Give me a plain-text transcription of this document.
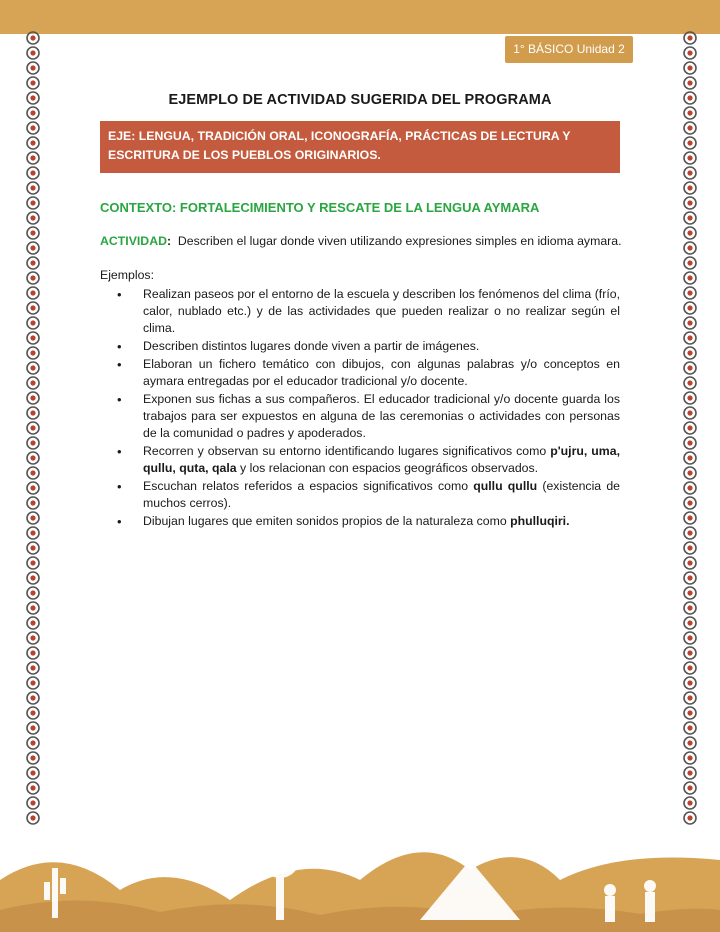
1° BÁSICO Unidad 2
EJEMPLO DE ACTIVIDAD SUGERIDA DEL PROGRAMA
EJE: LENGUA, TRADICIÓN ORAL, ICONOGRAFÍA, PRÁCTICAS DE LECTURA Y ESCRITURA DE LOS PUEBLOS ORIGINARIOS.
CONTEXTO: FORTALECIMIENTO Y RESCATE DE LA LENGUA AYMARA
ACTIVIDAD: Describen el lugar donde viven utilizando expresiones simples en idioma aymara.
Ejemplos:
• Realizan paseos por el entorno de la escuela y describen los fenómenos del clima (frío, calor, nublado etc.) y de las actividades que pueden realizar o no realizar según el clima.
• Describen distintos lugares donde viven a partir de imágenes.
• Elaboran un fichero temático con dibujos, con algunas palabras y/o conceptos en aymara entregadas por el educador tradicional y/o docente.
• Exponen sus fichas a sus compañeros. El educador tradicional y/o docente guarda los trabajos para ser expuestos en alguna de las ceremonias o actividades con personas de la comunidad o padres y apoderados.
• Recorren y observan su entorno identificando lugares significativos como p'ujru, uma, qullu, quta, qala y los relacionan con espacios geográficos observados.
• Escuchan relatos referidos a espacios significativos como qullu qullu (existencia de muchos cerros).
• Dibujan lugares que emiten sonidos propios de la naturaleza como phulluqiri.
